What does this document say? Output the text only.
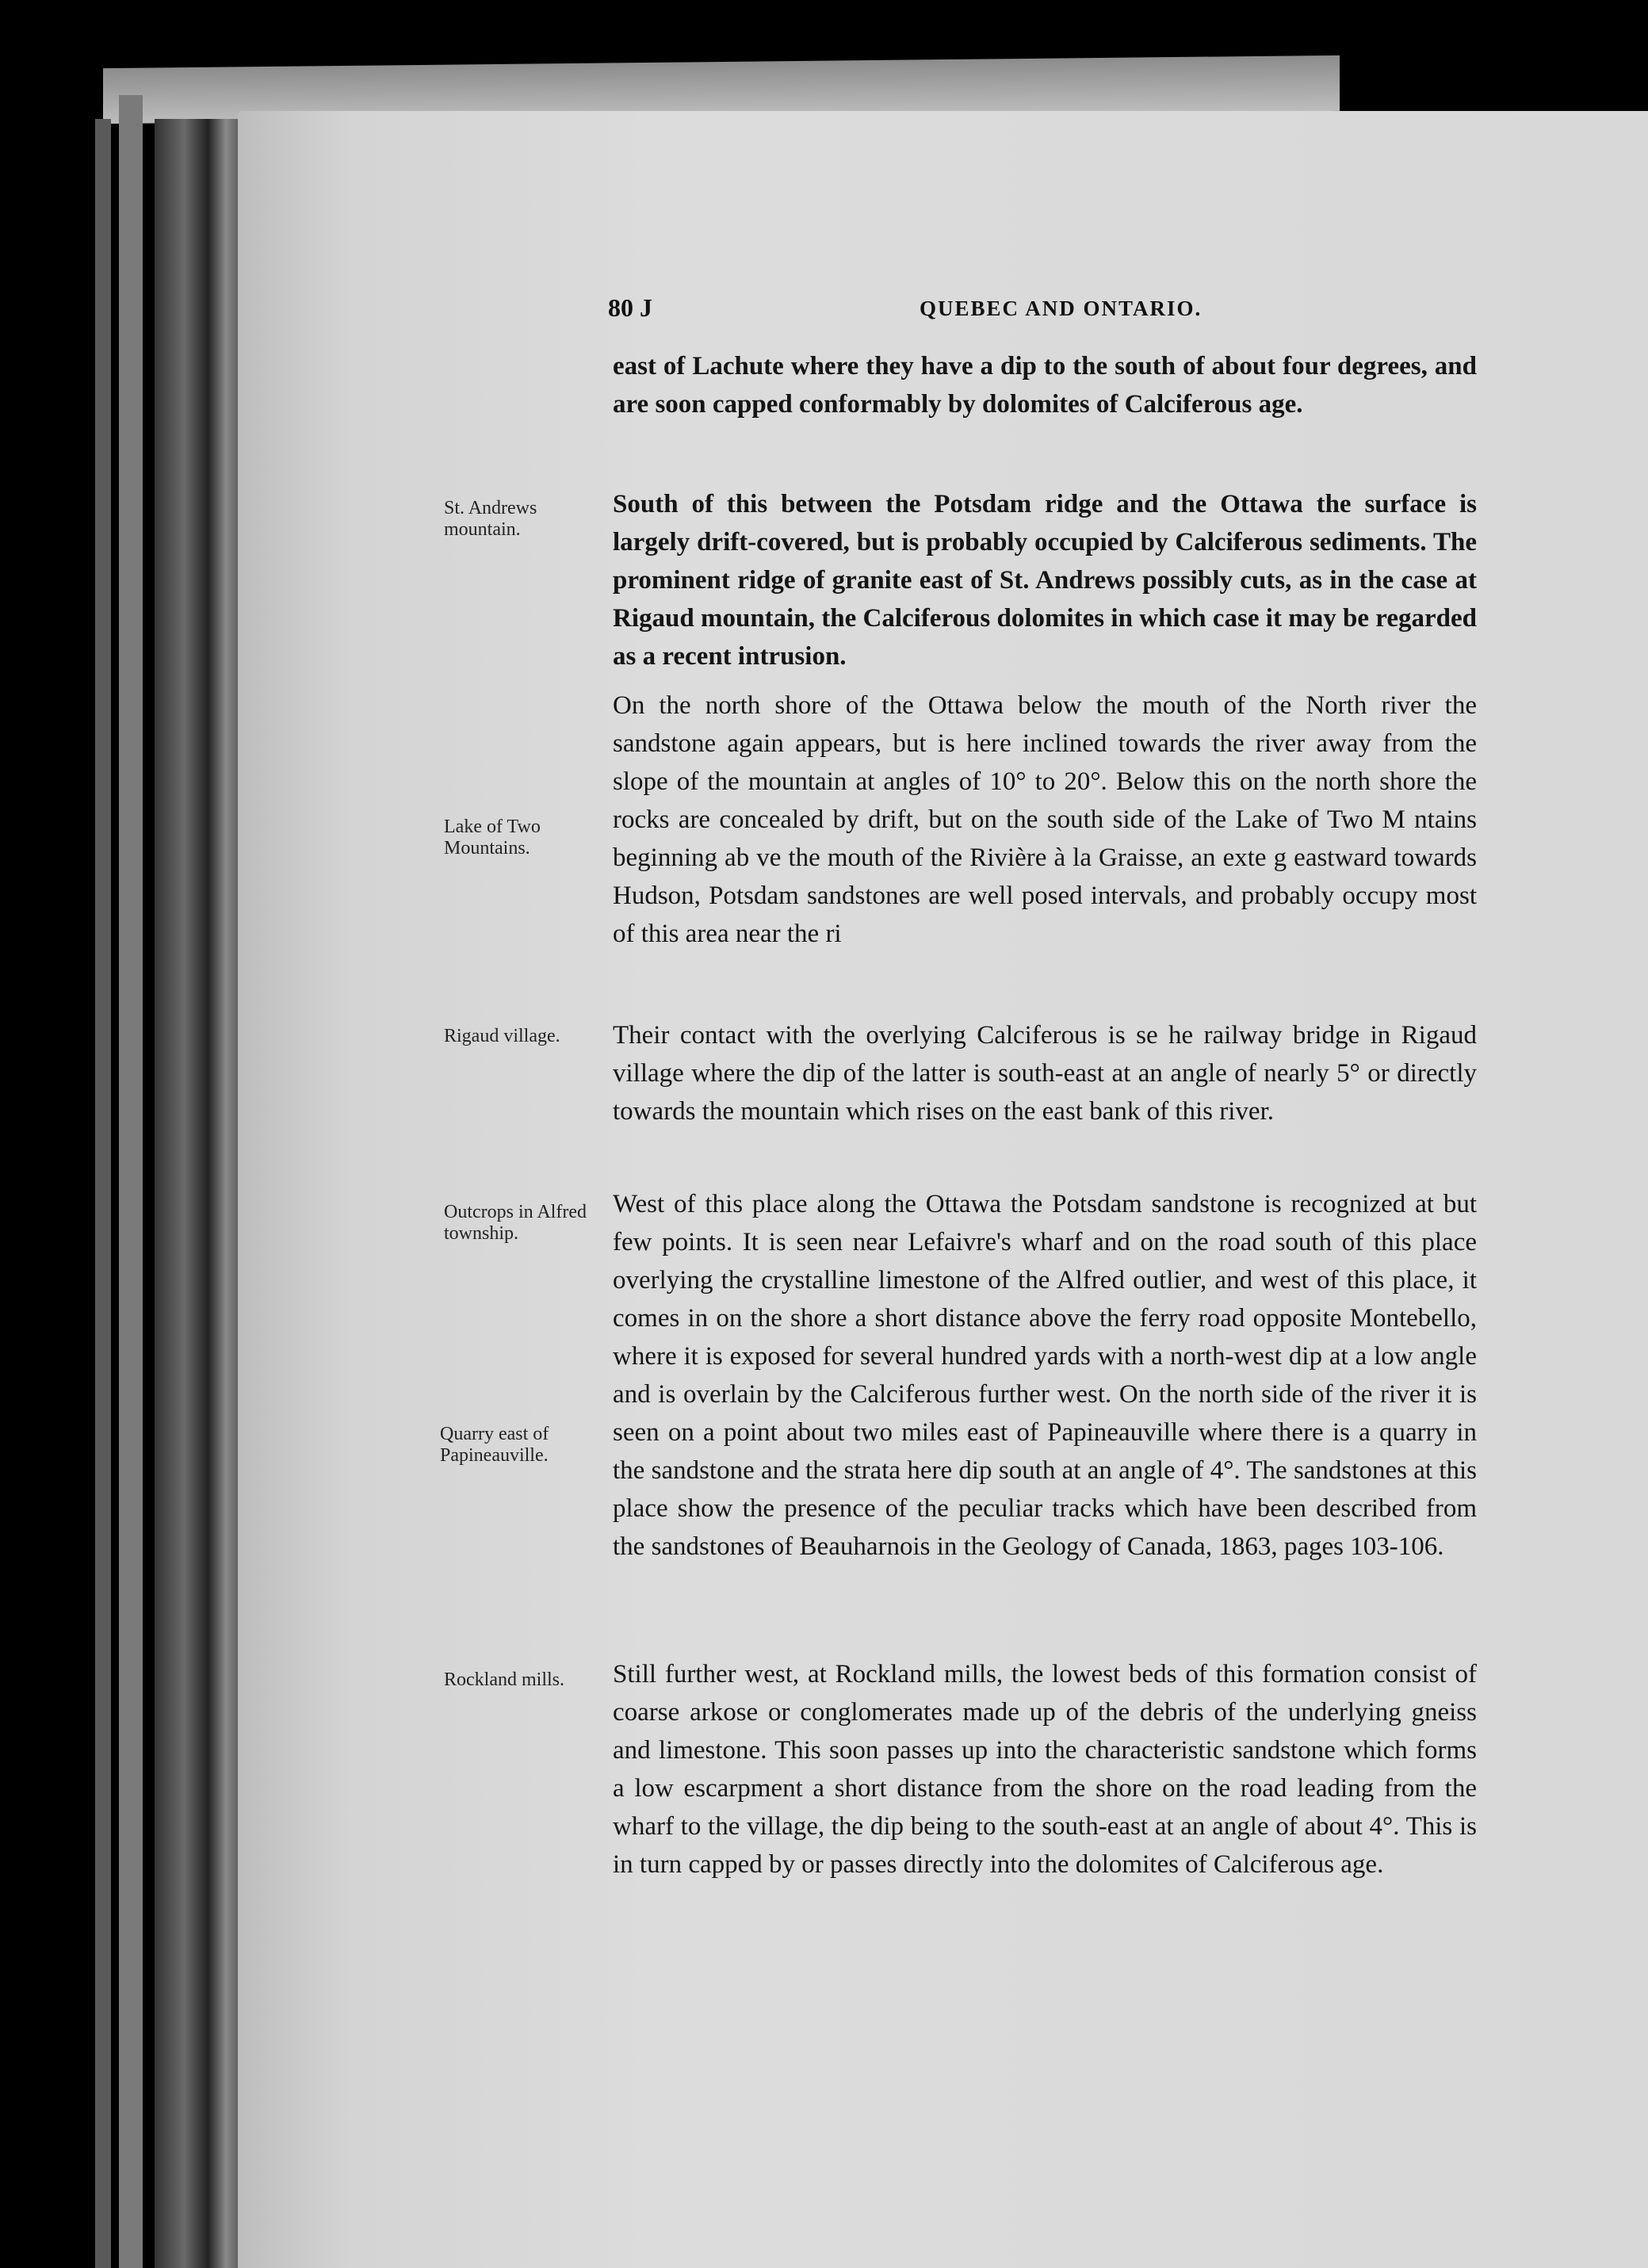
80 J	QUEBEC AND ONTARIO.

east of Lachute where they have a dip to the south of about four degrees, and are soon capped conformably by dolomites of Calciferous age.

South of this between the Potsdam ridge and the Ottawa the surface is largely drift-covered, but is probably occupied by Calciferous sediments. The prominent ridge of granite east of St. Andrews possibly cuts, as in the case at Rigaud mountain, the Calciferous dolomites in which case it may be regarded as a recent intrusion.

On the north shore of the Ottawa below the mouth of the North river the sandstone again appears, but is here inclined towards the river away from the slope of the mountain at angles of 10° to 20°. Below this on the north shore the rocks are concealed by drift, but on the south side of the Lake of Two M ntains beginning ab ve the mouth of the Rivière à la Graisse, an exte g eastward towards Hudson, Potsdam sandstones are well posed intervals, and probably occupy most of this area near the ri

Their contact with the overlying Calciferous is se he railway bridge in Rigaud village where the dip of the latter is south-east at an angle of nearly 5° or directly towards the mountain which rises on the east bank of this river.

West of this place along the Ottawa the Potsdam sandstone is recognized at but few points. It is seen near Lefaivre's wharf and on the road south of this place overlying the crystalline limestone of the Alfred outlier, and west of this place, it comes in on the shore a short distance above the ferry road opposite Montebello, where it is exposed for several hundred yards with a north-west dip at a low angle and is overlain by the Calciferous further west. On the north side of the river it is seen on a point about two miles east of Papineauville where there is a quarry in the sandstone and the strata here dip south at an angle of 4°. The sandstones at this place show the presence of the peculiar tracks which have been described from the sandstones of Beauharnois in the Geology of Canada, 1863, pages 103-106.

Still further west, at Rockland mills, the lowest beds of this formation consist of coarse arkose or conglomerates made up of the debris of the underlying gneiss and limestone. This soon passes up into the characteristic sandstone which forms a low escarpment a short distance from the shore on the road leading from the wharf to the village, the dip being to the south-east at an angle of about 4°. This is in turn capped by or passes directly into the dolomites of Calciferous age.

St. Andrews mountain.

Lake of Two Mountains.

Rigaud village.

Outcrops in Alfred township.

Quarry east of Papineauville.

Rockland mills.
